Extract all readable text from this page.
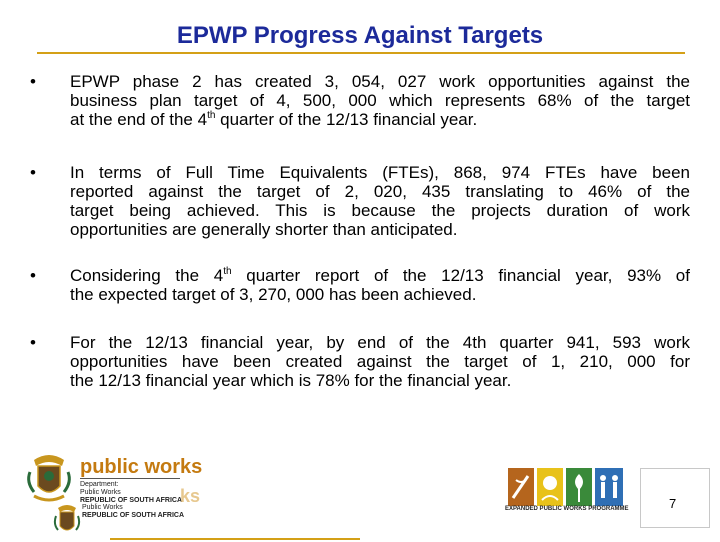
EPWP Progress Against Targets
•	EPWP phase 2 has created 3, 054, 027 work opportunities against the
business plan target of 4, 500, 000 which represents 68% of the target
at the end of the 4th quarter of the 12/13 financial year.
•	In terms of Full Time Equivalents (FTEs), 868, 974 FTEs have been
reported against the target of 2, 020, 435 translating to 46% of the
target being achieved. This is because the projects duration of work
opportunities are generally shorter than anticipated.
•	Considering the 4th quarter report of the 12/13 financial year, 93% of
the expected target of 3, 270, 000 has been achieved.
•	For the 12/13 financial year, by end of the 4th quarter 941, 593 work
opportunities have been created against the target of 1, 210, 000 for
the 12/13 financial year which is 78% for the financial year.
public works
Department:
Public Works
REPUBLIC OF SOUTH AFRICA
ks
Public Works
REPUBLIC OF SOUTH AFRICA
EXPANDED PUBLIC WORKS PROGRAMME	7
